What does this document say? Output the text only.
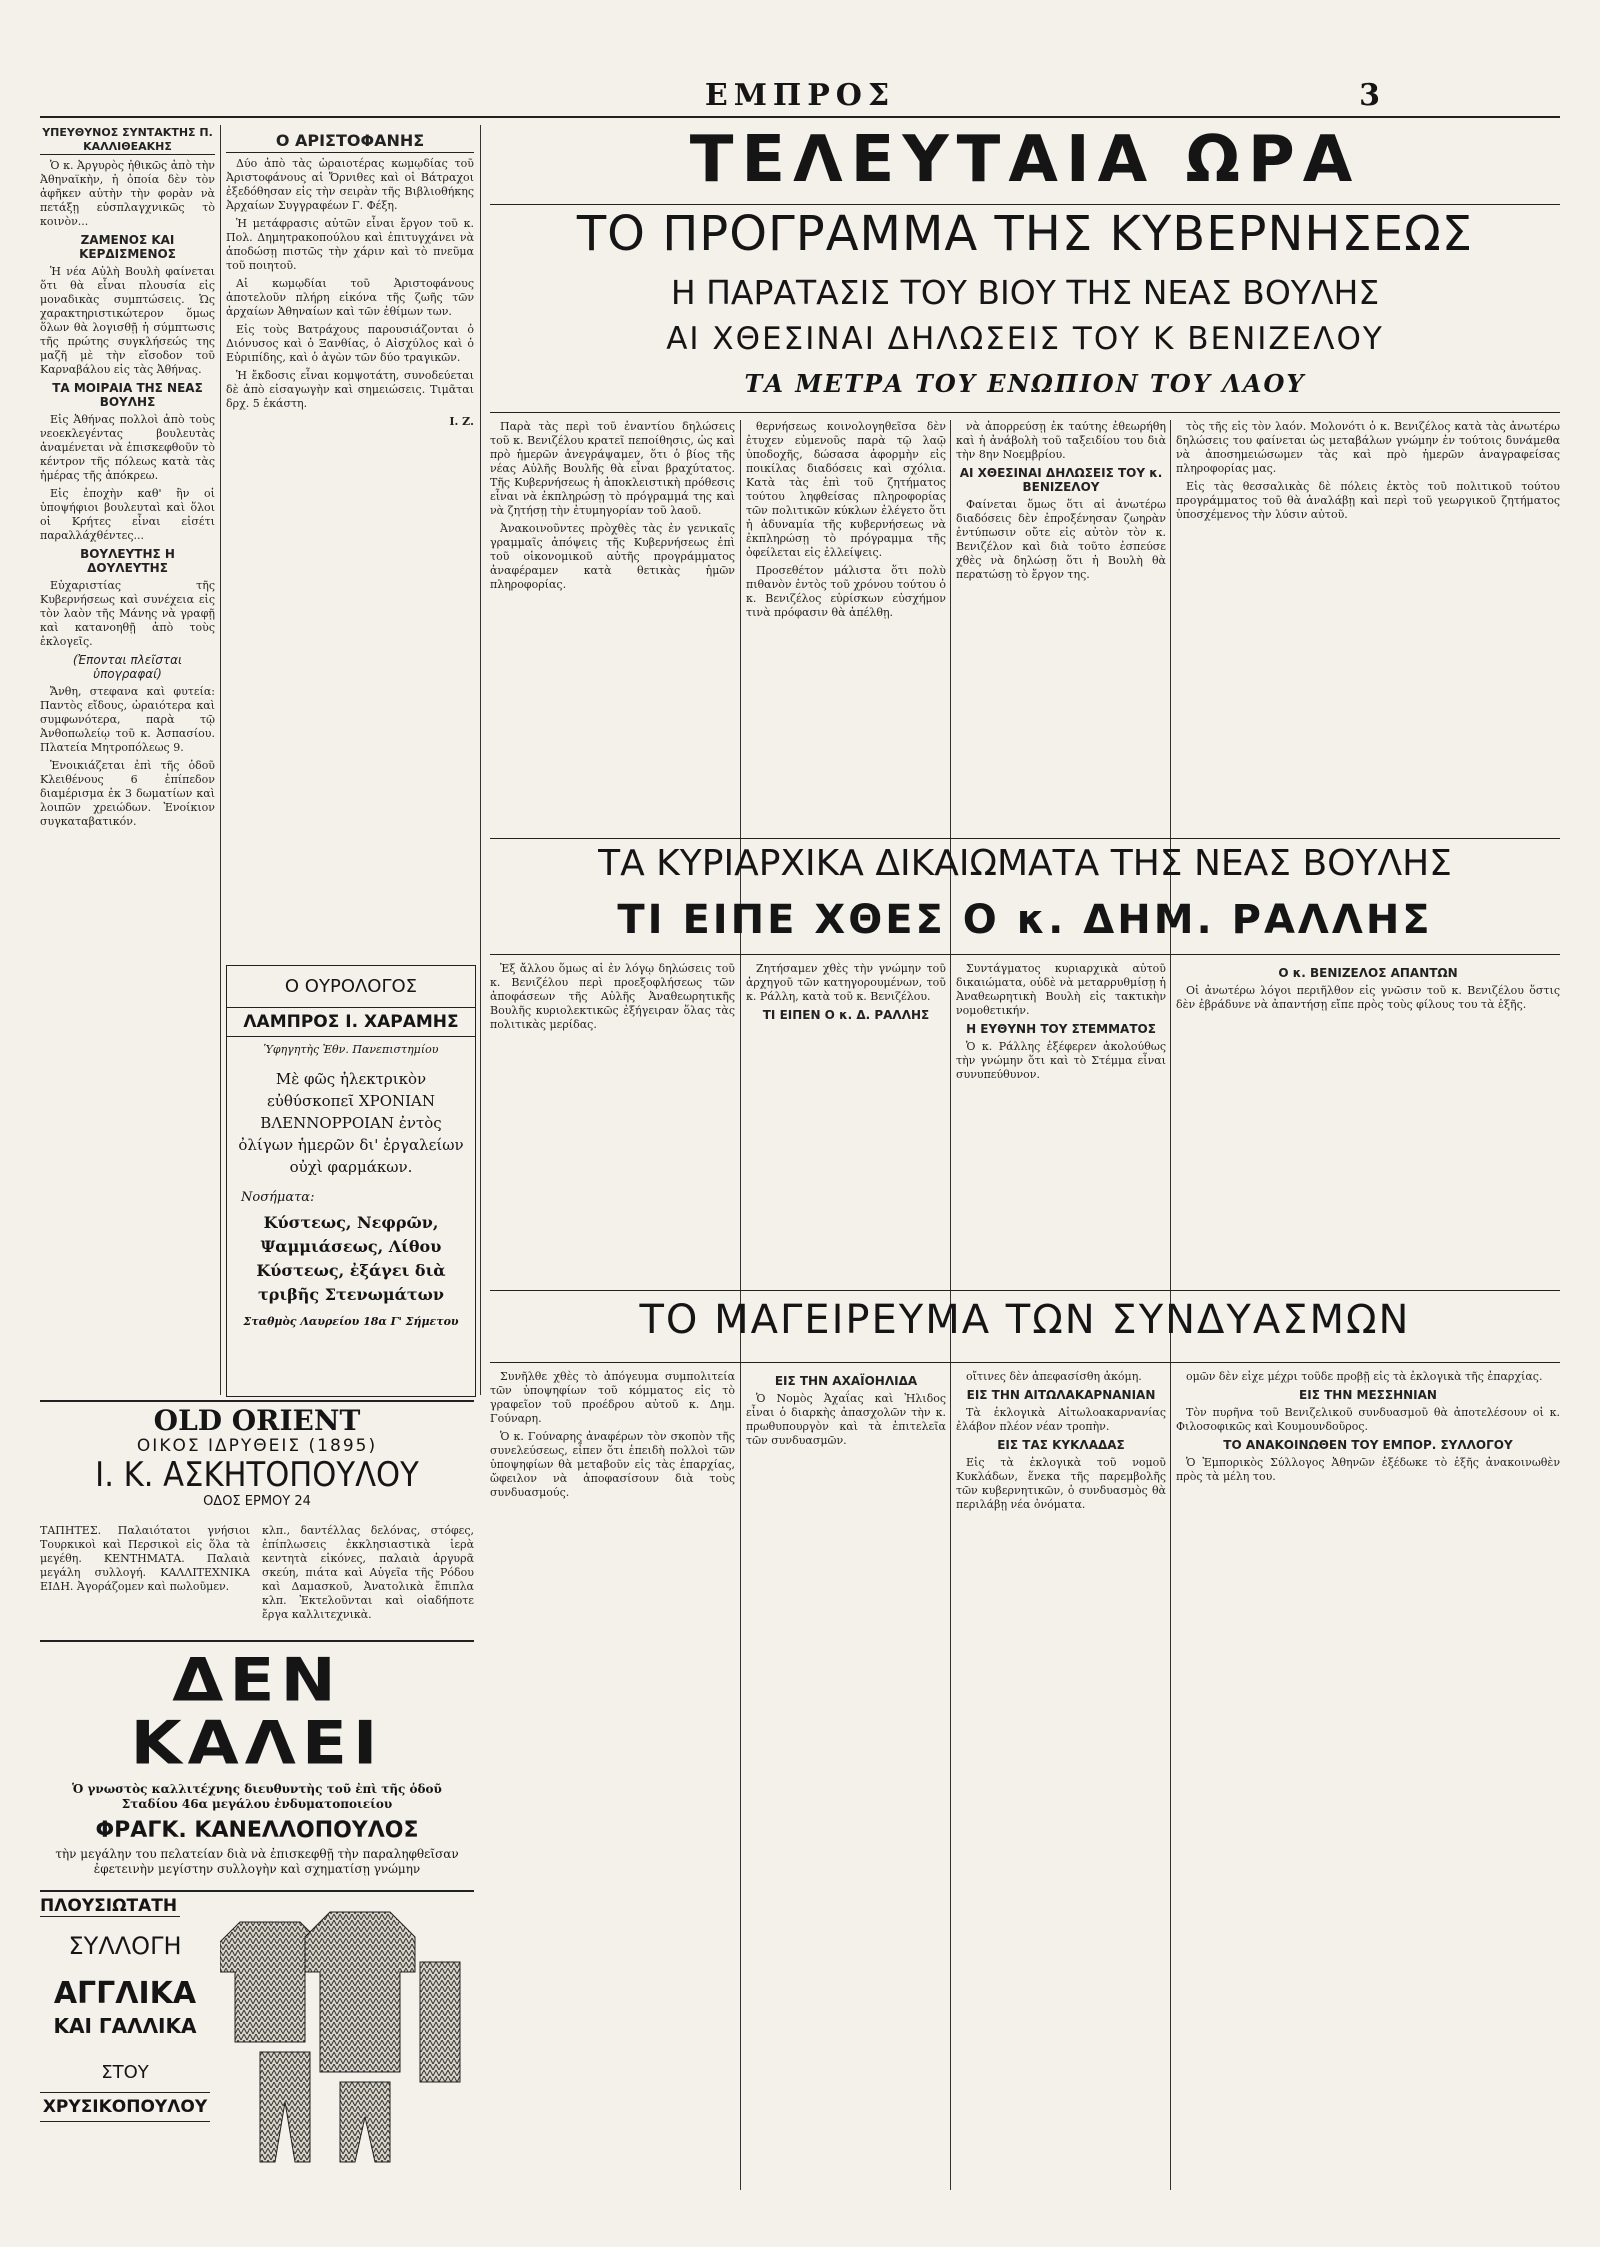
ΕΜΠΡΟΣ	3
ΥΠΕΥΘΥΝΟΣ ΣΥΝΤΑΚΤΗΣ Π. ΚΑΛΛΙΘΕΑΚΗΣ

Ὁ κ. Ἀργυρὸς ἠθικῶς ἀπὸ τὴν Ἀθηναϊκὴν, ἡ ὁποία δὲν τὸν ἀφῆκεν αὐτὴν τὴν φορὰν νὰ πετάξῃ εὐσπλαγχνικῶς τὸ κοινὸν...

ΖΑΜΕΝΟΣ ΚΑΙ ΚΕΡΔΙΣΜΕΝΟΣ

Ἡ νέα Αὐλὴ Βουλὴ φαίνεται ὅτι θὰ εἶναι πλουσία εἰς μοναδικὰς συμπτώσεις. Ὡς χαρακτηριστικώτερον ὅμως ὅλων θὰ λογισθῇ ἡ σύμπτωσις τῆς πρώτης συγκλήσεώς της μαζῆ μὲ τὴν εἴσοδον τοῦ Καρναβάλου εἰς τὰς Ἀθήνας.

ΤΑ ΜΟΙΡΑΙΑ ΤΗΣ ΝΕΑΣ ΒΟΥΛΗΣ

Εἰς Ἀθήνας πολλοὶ ἀπὸ τοὺς νεοεκλεγέντας βουλευτὰς ἀναμένεται νὰ ἐπισκεφθοῦν τὸ κέντρον τῆς πόλεως κατὰ τὰς ἡμέρας τῆς ἀπόκρεω.

Εἰς ἐποχὴν καθ' ἣν οἱ ὑποψήφιοι βουλευταὶ καὶ ὅλοι οἱ Κρήτες εἶναι εἰσέτι παραλλάχθέντες...

ΒΟΥΛΕΥΤΗΣ Η ΔΟΥΛΕΥΤΗΣ

Εὐχαριστίας τῆς Κυβερνήσεως καὶ συνέχεια εἰς τὸν λαὸν τῆς Μάνης νὰ γραφῇ καὶ κατανοηθῇ ἀπὸ τοὺς ἐκλογεῖς.

(Ἐπονται πλεῖσται ὑπογραφαί)

Ἄνθη, στεφανα καὶ φυτεία: Παντὸς εἴδους, ὡραιότερα καὶ συμφωνότερα, παρὰ τῷ Ἀνθοπωλείῳ τοῦ κ. Ἀσπασίου. Πλατεία Μητροπόλεως 9.

Ἐνοικιάζεται ἐπὶ τῆς ὁδοῦ Κλειθένους 6 ἐπίπεδον διαμέρισμα ἐκ 3 δωματίων καὶ λοιπῶν χρειώδων. Ἐνοίκιον συγκαταβατικόν.

Ο ΑΡΙΣΤΟΦΑΝΗΣ

Δύο ἀπὸ τὰς ὡραιοτέρας κωμῳδίας τοῦ Ἀριστοφάνους αἱ Ὄρνιθες καὶ οἱ Βάτραχοι ἐξεδόθησαν εἰς τὴν σειρὰν τῆς Βιβλιοθήκης Ἀρχαίων Συγγραφέων Γ. Φέξη.

Ἡ μετάφρασις αὐτῶν εἶναι ἔργον τοῦ κ. Πολ. Δημητρακοπούλου καὶ ἐπιτυγχάνει νὰ ἀποδώσῃ πιστῶς τὴν χάριν καὶ τὸ πνεῦμα τοῦ ποιητοῦ.

Αἱ κωμῳδίαι τοῦ Ἀριστοφάνους ἀποτελοῦν πλήρη εἰκόνα τῆς ζωῆς τῶν ἀρχαίων Ἀθηναίων καὶ τῶν ἐθίμων των.

Εἰς τοὺς Βατράχους παρουσιάζονται ὁ Διόνυσος καὶ ὁ Ξανθίας, ὁ Αἰσχύλος καὶ ὁ Εὐριπίδης, καὶ ὁ ἀγὼν τῶν δύο τραγικῶν.

Ἡ ἔκδοσις εἶναι κομψοτάτη, συνοδεύεται δὲ ἀπὸ εἰσαγωγὴν καὶ σημειώσεις. Τιμᾶται δρχ. 5 ἑκάστη.

Ι. Ζ.
Ο ΟΥΡΟΛΟΓΟΣ
ΛΑΜΠΡΟΣ Ι. ΧΑΡΑΜΗΣ
Ὑφηγητὴς Ἐθν. Πανεπιστημίου
Μὲ φῶς ἠλεκτρικὸν εὐθύσκοπεῖ ΧΡΟΝΙΑΝ ΒΛΕΝΝΟΡΡΟΙΑΝ ἐντὸς ὀλίγων ἡμερῶν δι' ἐργαλείων οὐχὶ φαρμάκων.
Νοσήματα:
Κύστεως, Νεφρῶν, Ψαμμιάσεως, Λίθου Κύστεως, ἐξάγει διὰ τριβῆς Στενωμάτων
Σταθμὸς Λαυρείου 18α Γ' Σήμετου
OLD ORIENT
ΟΙΚΟΣ ΙΔΡΥΘΕΙΣ (1895)
Ι. Κ. ΑΣΚΗΤΟΠΟΥΛΟΥ
ΟΔΟΣ ΕΡΜΟΥ 24
ΤΑΠΗΤΕΣ. Παλαιότατοι γνήσιοι Τουρκικοὶ καὶ Περσικοὶ εἰς ὅλα τὰ μεγέθη. ΚΕΝΤΗΜΑΤΑ. Παλαιὰ μεγάλη συλλογή. ΚΑΛΛΙΤΕΧΝΙΚΑ ΕΙΔΗ. Ἀγοράζομεν καὶ πωλοῦμεν.
κλπ., δαντέλλας δελόνας, στόφες, ἐπίπλωσεις ἐκκλησιαστικὰ ἱερὰ κεντητὰ εἰκόνες, παλαιὰ ἀργυρᾶ σκεύη, πιάτα καὶ Αὐγεῖα τῆς Ρόδου καὶ Δαμασκοῦ, Ἀνατολικὰ ἔπιπλα κλπ. Ἐκτελοῦνται καὶ οἱαδήποτε ἔργα καλλιτεχνικὰ.
ΔΕΝ ΚΑΛΕΙ
Ὁ γνωστὸς καλλιτέχνης διευθυντὴς τοῦ ἐπὶ τῆς ὁδοῦ Σταδίου 46α μεγάλου ἐνδυματοποιείου
ΦΡΑΓΚ. ΚΑΝΕΛΛΟΠΟΥΛΟΣ
τὴν μεγάλην του πελατείαν διὰ νὰ ἐπισκεφθῇ τὴν παραληφθεῖσαν ἐφετεινὴν μεγίστην συλλογὴν καὶ σχηματίσῃ γνώμην
ΠΛΟΥΣΙΩΤΑΤΗ
ΣΥΛΛΟΓΗ
ΑΓΓΛΙΚΑ
ΚΑΙ ΓΑΛΛΙΚΑ
ΣΤΟΥ
ΧΡΥΣΙΚΟΠΟΥΛΟΥ
ΤΕΛΕΥΤΑΙΑ ΩΡΑ
ΤΟ ΠΡΟΓΡΑΜΜΑ ΤΗΣ ΚΥΒΕΡΝΗΣΕΩΣ
Η ΠΑΡΑΤΑΣΙΣ ΤΟΥ ΒΙΟΥ ΤΗΣ ΝΕΑΣ ΒΟΥΛΗΣ
ΑΙ ΧΘΕΣΙΝΑΙ ΔΗΛΩΣΕΙΣ ΤΟΥ Κ ΒΕΝΙΖΕΛΟΥ
ΤΑ ΜΕΤΡΑ ΤΟΥ ΕΝΩΠΙΟΝ ΤΟΥ ΛΑΟΥ

Παρὰ τὰς περὶ τοῦ ἐναντίου δηλώσεις τοῦ κ. Βενιζέλου κρατεῖ πεποίθησις, ὡς καὶ πρὸ ἡμερῶν ἀνεγράψαμεν, ὅτι ὁ βίος τῆς νέας Αὐλῆς Βουλῆς θὰ εἶναι βραχύτατος. Τῆς Κυβερνήσεως ἡ ἀποκλειστικὴ πρόθεσις εἶναι νὰ ἐκπληρώσῃ τὸ πρόγραμμά της καὶ νὰ ζητήσῃ τὴν ἐτυμηγορίαν τοῦ λαοῦ.

Ἀνακοινοῦντες πρὸχθὲς τὰς ἐν γενικαῖς γραμμαῖς ἀπόψεις τῆς Κυβερνήσεως ἐπὶ τοῦ οἰκονομικοῦ αὐτῆς προγράμματος ἀναφέραμεν κατὰ θετικὰς ἡμῶν πληροφορίας.

θερνήσεως κοινολογηθεῖσα δὲν ἐτυχεν εὐμενοῦς παρὰ τῷ λαῷ ὑποδοχῆς, δώσασα ἀφορμὴν εἰς ποικίλας διαδόσεις καὶ σχόλια. Κατὰ τὰς ἐπὶ τοῦ ζητήματος τούτου ληφθείσας πληροφορίας τῶν πολιτικῶν κύκλων ἐλέγετο ὅτι ἡ ἀδυναμία τῆς κυβερνήσεως νὰ ἐκπληρώσῃ τὸ πρόγραμμα τῆς ὀφείλεται εἰς ἐλλείψεις.

Προσεθέτον μάλιστα ὅτι πολὺ πιθανὸν ἐντὸς τοῦ χρόνου τούτου ὁ κ. Βενιζέλος εὑρίσκων εὐσχήμον τινὰ πρόφασιν θὰ ἀπέλθῃ.

νὰ ἀπορρεύσῃ ἐκ ταύτης ἐθεωρήθη καὶ ἡ ἀνάβολὴ τοῦ ταξειδίου του διὰ τὴν 8ην Νοεμβρίου.

ΑΙ ΧΘΕΣΙΝΑΙ ΔΗΛΩΣΕΙΣ ΤΟΥ κ. ΒΕΝΙΖΕΛΟΥ

Φαίνεται ὅμως ὅτι αἱ ἀνωτέρω διαδόσεις δὲν ἐπροξένησαν ζωηρὰν ἐντύπωσιν οὔτε εἰς αὐτὸν τὸν κ. Βενιζέλον καὶ διὰ τοῦτο ἐσπεύσε χθὲς νὰ δηλώσῃ ὅτι ἡ Βουλὴ θὰ περατώσῃ τὸ ἔργον της.

τὸς τῆς εἰς τὸν λαόν. Μολονότι ὁ κ. Βενιζέλος κατὰ τὰς ἀνωτέρω δηλώσεις του φαίνεται ὡς μεταβάλων γνώμην ἐν τούτοις δυνάμεθα νὰ ἀποσημειώσωμεν τὰς καὶ πρὸ ἡμερῶν ἀναγραφείσας πληροφορίας μας.

Εἰς τὰς θεσσαλικὰς δὲ πόλεις ἐκτὸς τοῦ πολιτικοῦ τούτου προγράμματος τοῦ θὰ ἀναλάβῃ καὶ περὶ τοῦ γεωργικοῦ ζητήματος ὑποσχέμενος τὴν λύσιν αὐτοῦ.

ΤΑ ΚΥΡΙΑΡΧΙΚΑ ΔΙΚΑΙΩΜΑΤΑ ΤΗΣ ΝΕΑΣ ΒΟΥΛΗΣ
ΤΙ ΕΙΠΕ ΧΘΕΣ Ο κ. ΔΗΜ. ΡΑΛΛΗΣ

Ἐξ ἄλλου ὅμως αἱ ἐν λόγῳ δηλώσεις τοῦ κ. Βενιζέλου περὶ προεξοφλήσεως τῶν ἀποφάσεων τῆς Αὐλῆς Ἀναθεωρητικῆς Βουλῆς κυριολεκτικῶς ἐξήγειραν ὅλας τὰς πολιτικὰς μερίδας.

Ζητήσαμεν χθὲς τὴν γνώμην τοῦ ἀρχηγοῦ τῶν κατηγορουμένων, τοῦ κ. Ράλλη, κατὰ τοῦ κ. Βενιζέλου.

ΤΙ ΕΙΠΕΝ Ο κ. Δ. ΡΑΛΛΗΣ

Συντάγματος κυριαρχικὰ αὐτοῦ δικαιώματα, οὐδὲ νὰ μεταρρυθμίσῃ ἡ Ἀναθεωρητικὴ Βουλὴ εἰς τακτικὴν νομοθετικήν.

Η ΕΥΘΥΝΗ ΤΟΥ ΣΤΕΜΜΑΤΟΣ

Ὁ κ. Ράλλης ἐξέφερεν ἀκολούθως τὴν γνώμην ὅτι καὶ τὸ Στέμμα εἶναι συνυπεύθυνον.

Ο κ. ΒΕΝΙΖΕΛΟΣ ΑΠΑΝΤΩΝ

Οἱ ἀνωτέρω λόγοι περιῆλθον εἰς γνῶσιν τοῦ κ. Βενιζέλου ὅστις δὲν ἐβράδυνε νὰ ἀπαντήσῃ εἴπε πρὸς τοὺς φίλους του τὰ ἑξῆς.

ΤΟ ΜΑΓΕΙΡΕΥΜΑ ΤΩΝ ΣΥΝΔΥΑΣΜΩΝ

Συνῆλθε χθὲς τὸ ἀπόγευμα συμπολιτεία τῶν ὑποψηφίων τοῦ κόμματος εἰς τὸ γραφεῖον τοῦ προέδρου αὐτοῦ κ. Δημ. Γούναρη.

Ὁ κ. Γούναρης ἀναφέρων τὸν σκοπὸν τῆς συνελεύσεως, εἶπεν ὅτι ἐπειδὴ πολλοὶ τῶν ὑποψηφίων θὰ μεταβοῦν εἰς τὰς ἐπαρχίας, ὤφειλον νὰ ἀποφασίσουν διὰ τοὺς συνδυασμούς.

ΕΙΣ ΤΗΝ ΑΧΑΪΟΗΛΙΔΑ

Ὁ Νομὸς Ἀχαΐας καὶ Ἠλιδος εἶναι ὁ διαρκὴς ἀπασχολῶν τὴν κ. πρωθυπουργὸν καὶ τὰ ἐπιτελεῖα τῶν συνδυασμῶν.

οἴτινες δὲν ἀπεφασίσθη ἀκόμη.

ΕΙΣ ΤΗΝ ΑΙΤΩΛΑΚΑΡΝΑΝΙΑΝ

Τὰ ἐκλογικὰ Αἰτωλοακαρνανίας ἐλάβον πλέον νέαν τροπὴν.

ΕΙΣ ΤΑΣ ΚΥΚΛΑΔΑΣ

Εἰς τὰ ἐκλογικὰ τοῦ νομοῦ Κυκλάδων, ἕνεκα τῆς παρεμβολῆς τῶν κυβερνητικῶν, ὁ συνδυασμὸς θὰ περιλάβῃ νέα ὀνόματα.

ομῶν δὲν εἶχε μέχρι τοῦδε προβῇ εἰς τὰ ἐκλογικὰ τῆς ἐπαρχίας.

ΕΙΣ ΤΗΝ ΜΕΣΣΗΝΙΑΝ

Τὸν πυρῆνα τοῦ Βενιζελικοῦ συνδυασμοῦ θὰ ἀποτελέσουν οἱ κ. Φιλοσοφικῶς καὶ Κουμουνδοῦρος.

ΤΟ ΑΝΑΚΟΙΝΩΘΕΝ ΤΟΥ ΕΜΠΟΡ. ΣΥΛΛΟΓΟΥ

Ὁ Ἐμπορικὸς Σύλλογος Ἀθηνῶν ἐξέδωκε τὸ ἑξῆς ἀνακοινωθὲν πρὸς τὰ μέλη του.
